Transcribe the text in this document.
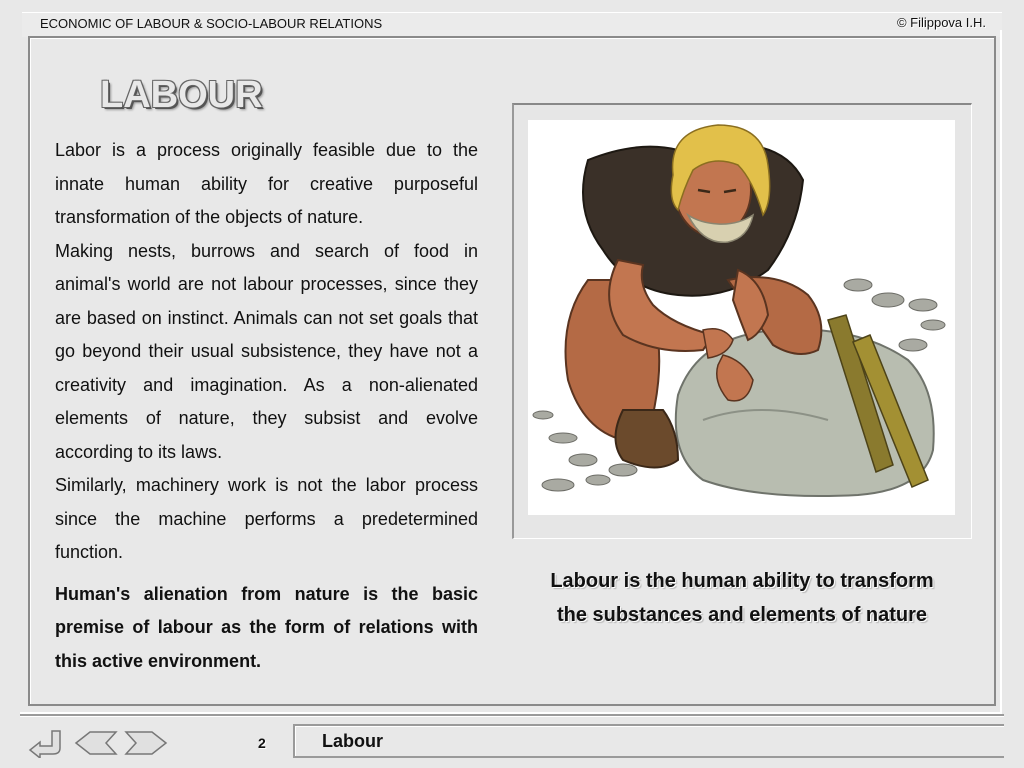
ECONOMIC OF LABOUR & SOCIO-LABOUR RELATIONS	© Filippova I.H.
LABOUR

Labor is a process originally feasible due to the innate human ability for creative purposeful transformation of the objects of nature.

Making nests, burrows and search of food in animal's world are not labour processes, since they are based on instinct. Animals can not set goals that go beyond their usual subsistence, they have not a creativity and imagination. As a non-alienated elements of nature, they subsist and evolve according to its laws.

Similarly, machinery work is not the labor process since the machine performs a predetermined function.

Human's alienation from nature is the basic premise of labour as the form of relations with this active environment.

Labour is the human ability to transform
the substances and elements of nature
2	Labour
